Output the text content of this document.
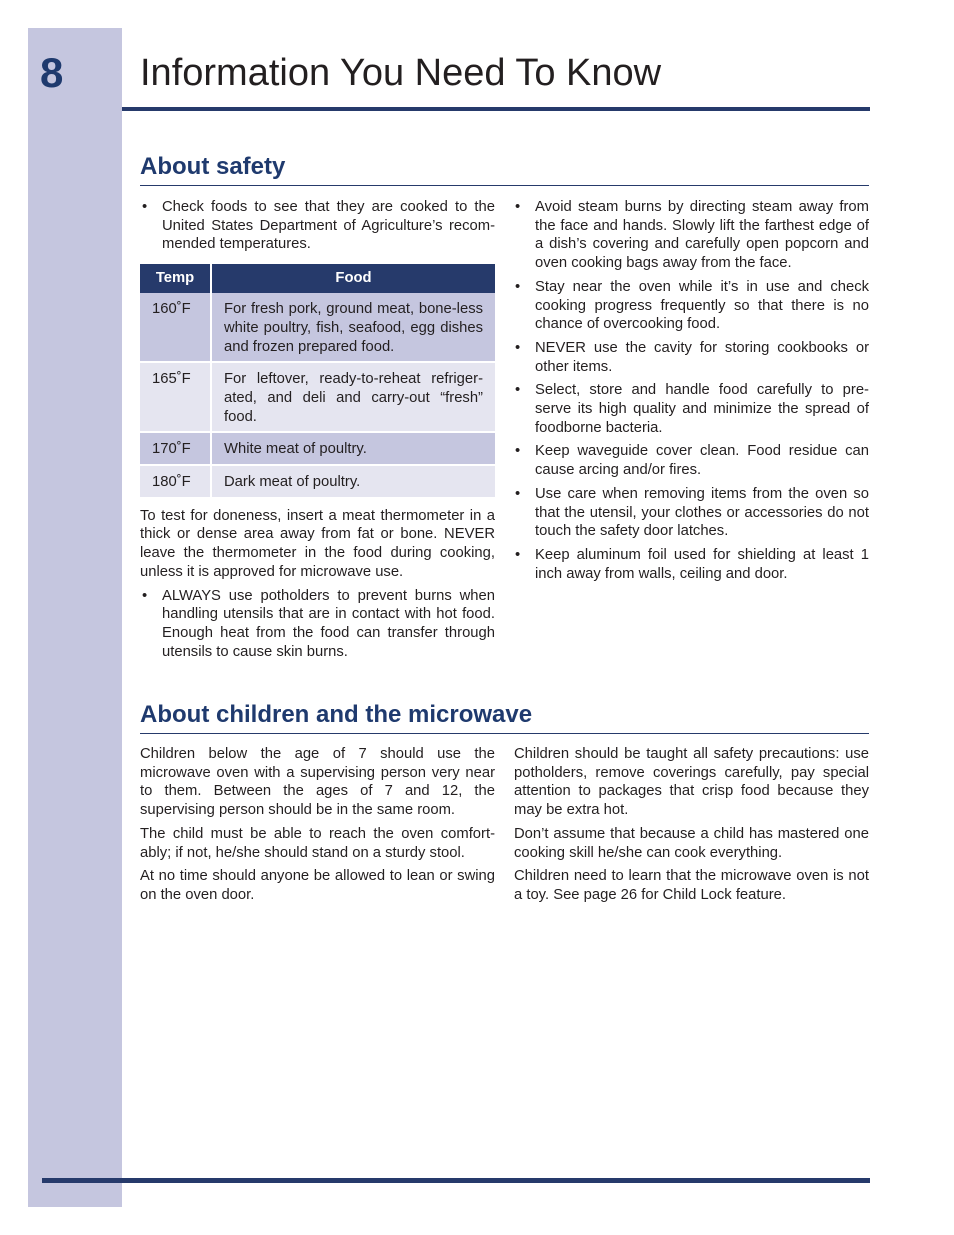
8 Information You Need To Know
About safety
• Check foods to see that they are cooked to the United States Department of Agriculture’s recom-mended temperatures.
Temp	Food
160˚F	For fresh pork, ground meat, bone-less white poultry, fish, seafood, egg dishes and frozen prepared food.
165˚F	For leftover, ready-to-reheat refriger-ated, and deli and carry-out “fresh” food.
170˚F	White meat of poultry.
180˚F	Dark meat of poultry.

To test for doneness, insert a meat thermometer in a thick or dense area away from fat or bone. NEVER leave the thermometer in the food during cooking, unless it is approved for microwave use.

• ALWAYS use potholders to prevent burns when handling utensils that are in contact with hot food. Enough heat from the food can transfer through utensils to cause skin burns.
• Avoid steam burns by directing steam away from the face and hands. Slowly lift the farthest edge of a dish’s covering and carefully open popcorn and oven cooking bags away from the face.
• Stay near the oven while it’s in use and check cooking progress frequently so that there is no chance of overcooking food.
• NEVER use the cavity for storing cookbooks or other items.
• Select, store and handle food carefully to pre-serve its high quality and minimize the spread of foodborne bacteria.
• Keep waveguide cover clean. Food residue can cause arcing and/or fires.
• Use care when removing items from the oven so that the utensil, your clothes or accessories do not touch the safety door latches.
• Keep aluminum foil used for shielding at least 1 inch away from walls, ceiling and door.
About children and the microwave

Children below the age of 7 should use the microwave oven with a supervising person very near to them. Between the ages of 7 and 12, the supervising person should be in the same room.

The child must be able to reach the oven comfort-ably; if not, he/she should stand on a sturdy stool.

At no time should anyone be allowed to lean or swing on the oven door.

Children should be taught all safety precautions: use potholders, remove coverings carefully, pay special attention to packages that crisp food because they may be extra hot.

Don’t assume that because a child has mastered one cooking skill he/she can cook everything.

Children need to learn that the microwave oven is not a toy. See page 26 for Child Lock feature.
